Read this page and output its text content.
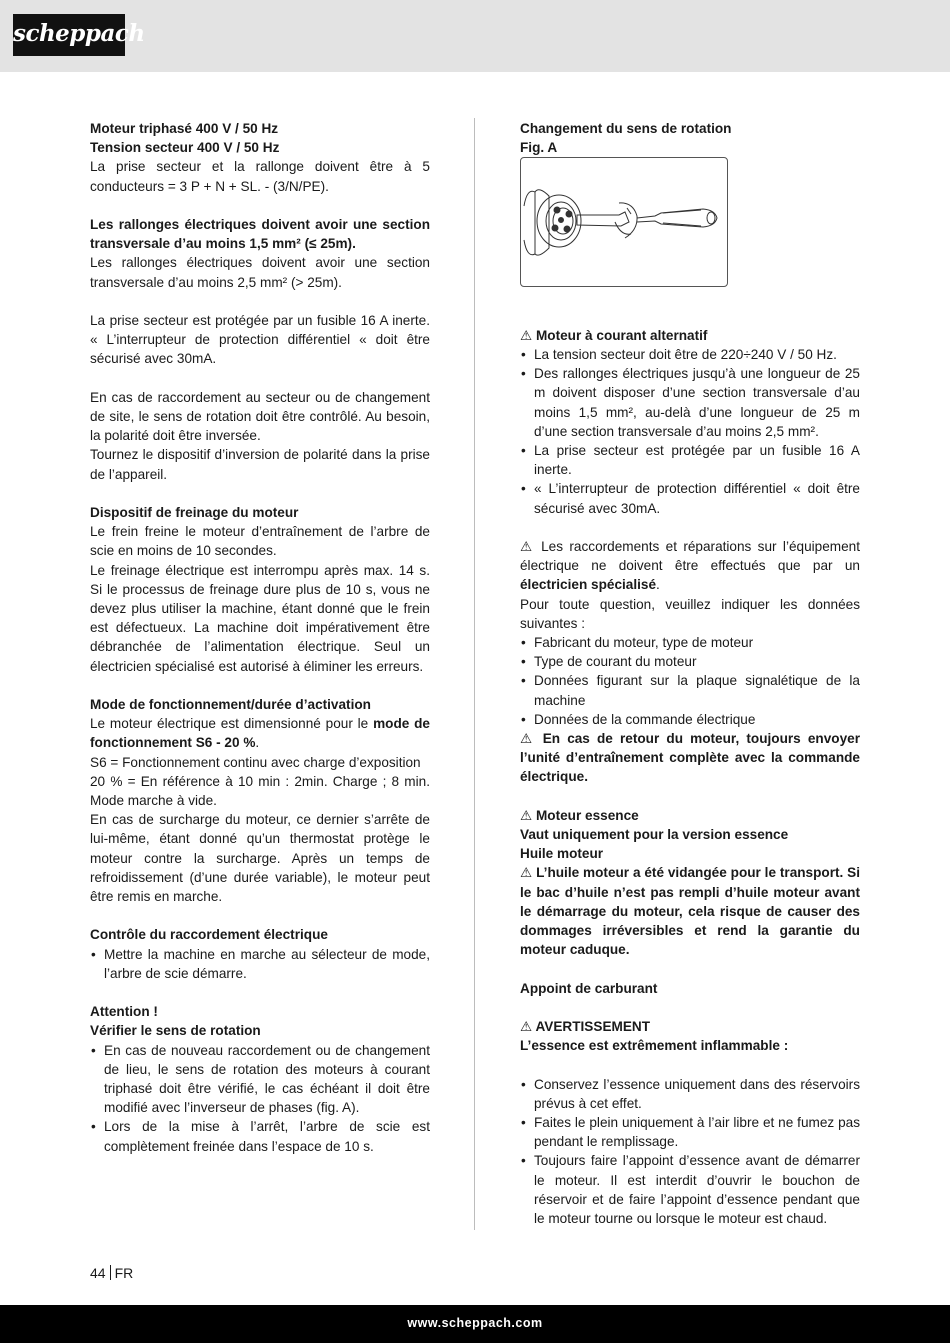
scheppach
Moteur triphasé 400 V / 50 Hz
Tension secteur 400 V / 50 Hz
La prise secteur et la rallonge doivent être à 5 conducteurs = 3 P + N + SL. - (3/N/PE).
Les rallonges électriques doivent avoir une section transversale d’au moins 1,5 mm² (≤ 25m).
Les rallonges électriques doivent avoir une section transversale d’au moins 2,5 mm² (> 25m).
La prise secteur est protégée par un fusible 16 A inerte. « L’interrupteur de protection différentiel « doit être sécurisé avec 30mA.
En cas de raccordement au secteur ou de changement de site, le sens de rotation doit être contrôlé. Au besoin, la polarité doit être inversée.
Tournez le dispositif d’inversion de polarité dans la prise de l’appareil.
Dispositif de freinage du moteur
Le frein freine le moteur d’entraînement de l’arbre de scie en moins de 10 secondes.
Le freinage électrique est interrompu après max. 14 s. Si le processus de freinage dure plus de 10 s, vous ne devez plus utiliser la machine, étant donné que le frein est défectueux. La machine doit impérativement être débranchée de l’alimentation électrique. Seul un électricien spécialisé est autorisé à éliminer les erreurs.
Mode de fonctionnement/durée d’activation
Le moteur électrique est dimensionné pour le mode de fonctionnement S6 - 20 %.
S6 = Fonctionnement continu avec charge d’exposition
20 % = En référence à 10 min : 2min. Charge ; 8 min. Mode marche à vide.
En cas de surcharge du moteur, ce dernier s’arrête de lui-même, étant donné qu’un thermostat protège le moteur contre la surcharge. Après un temps de refroidissement (d’une durée variable), le moteur peut être remis en marche.
Contrôle du raccordement électrique
• Mettre la machine en marche au sélecteur de mode, l’arbre de scie démarre.
Attention !
Vérifier le sens de rotation
• En cas de nouveau raccordement ou de changement de lieu, le sens de rotation des moteurs à courant triphasé doit être vérifié, le cas échéant il doit être modifié avec l’inverseur de phases (fig. A).
• Lors de la mise à l’arrêt, l’arbre de scie est complètement freinée dans l’espace de 10 s.
Changement du sens de rotation
Fig. A
⚠ Moteur à courant alternatif
• La tension secteur doit être de 220÷240 V / 50 Hz.
• Des rallonges électriques jusqu’à une longueur de 25 m doivent disposer d’une section transversale d’au moins 1,5 mm², au-delà d’une longueur de 25 m d’une section transversale d’au moins 2,5 mm².
• La prise secteur est protégée par un fusible 16 A inerte.
• « L’interrupteur de protection différentiel « doit être sécurisé avec 30mA.
⚠ Les raccordements et réparations sur l’équipement électrique ne doivent être effectués que par un électricien spécialisé.
Pour toute question, veuillez indiquer les données suivantes :
• Fabricant du moteur, type de moteur
• Type de courant du moteur
• Données figurant sur la plaque signalétique de la machine
• Données de la commande électrique
⚠ En cas de retour du moteur, toujours envoyer l’unité d’entraînement complète avec la commande électrique.
⚠ Moteur essence
Vaut uniquement pour la version essence
Huile moteur
⚠ L’huile moteur a été vidangée pour le transport. Si le bac d’huile n’est pas rempli d’huile moteur avant le démarrage du moteur, cela risque de causer des dommages irréversibles et rend la garantie du moteur caduque.
Appoint de carburant
⚠ AVERTISSEMENT
L’essence est extrêmement inflammable :
• Conservez l’essence uniquement dans des réservoirs prévus à cet effet.
• Faites le plein uniquement à l’air libre et ne fumez pas pendant le remplissage.
• Toujours faire l’appoint d’essence avant de démarrer le moteur. Il est interdit d’ouvrir le bouchon de réservoir et de faire l’appoint d’essence pendant que le moteur tourne ou lorsque le moteur est chaud.
44 FR
www.scheppach.com
